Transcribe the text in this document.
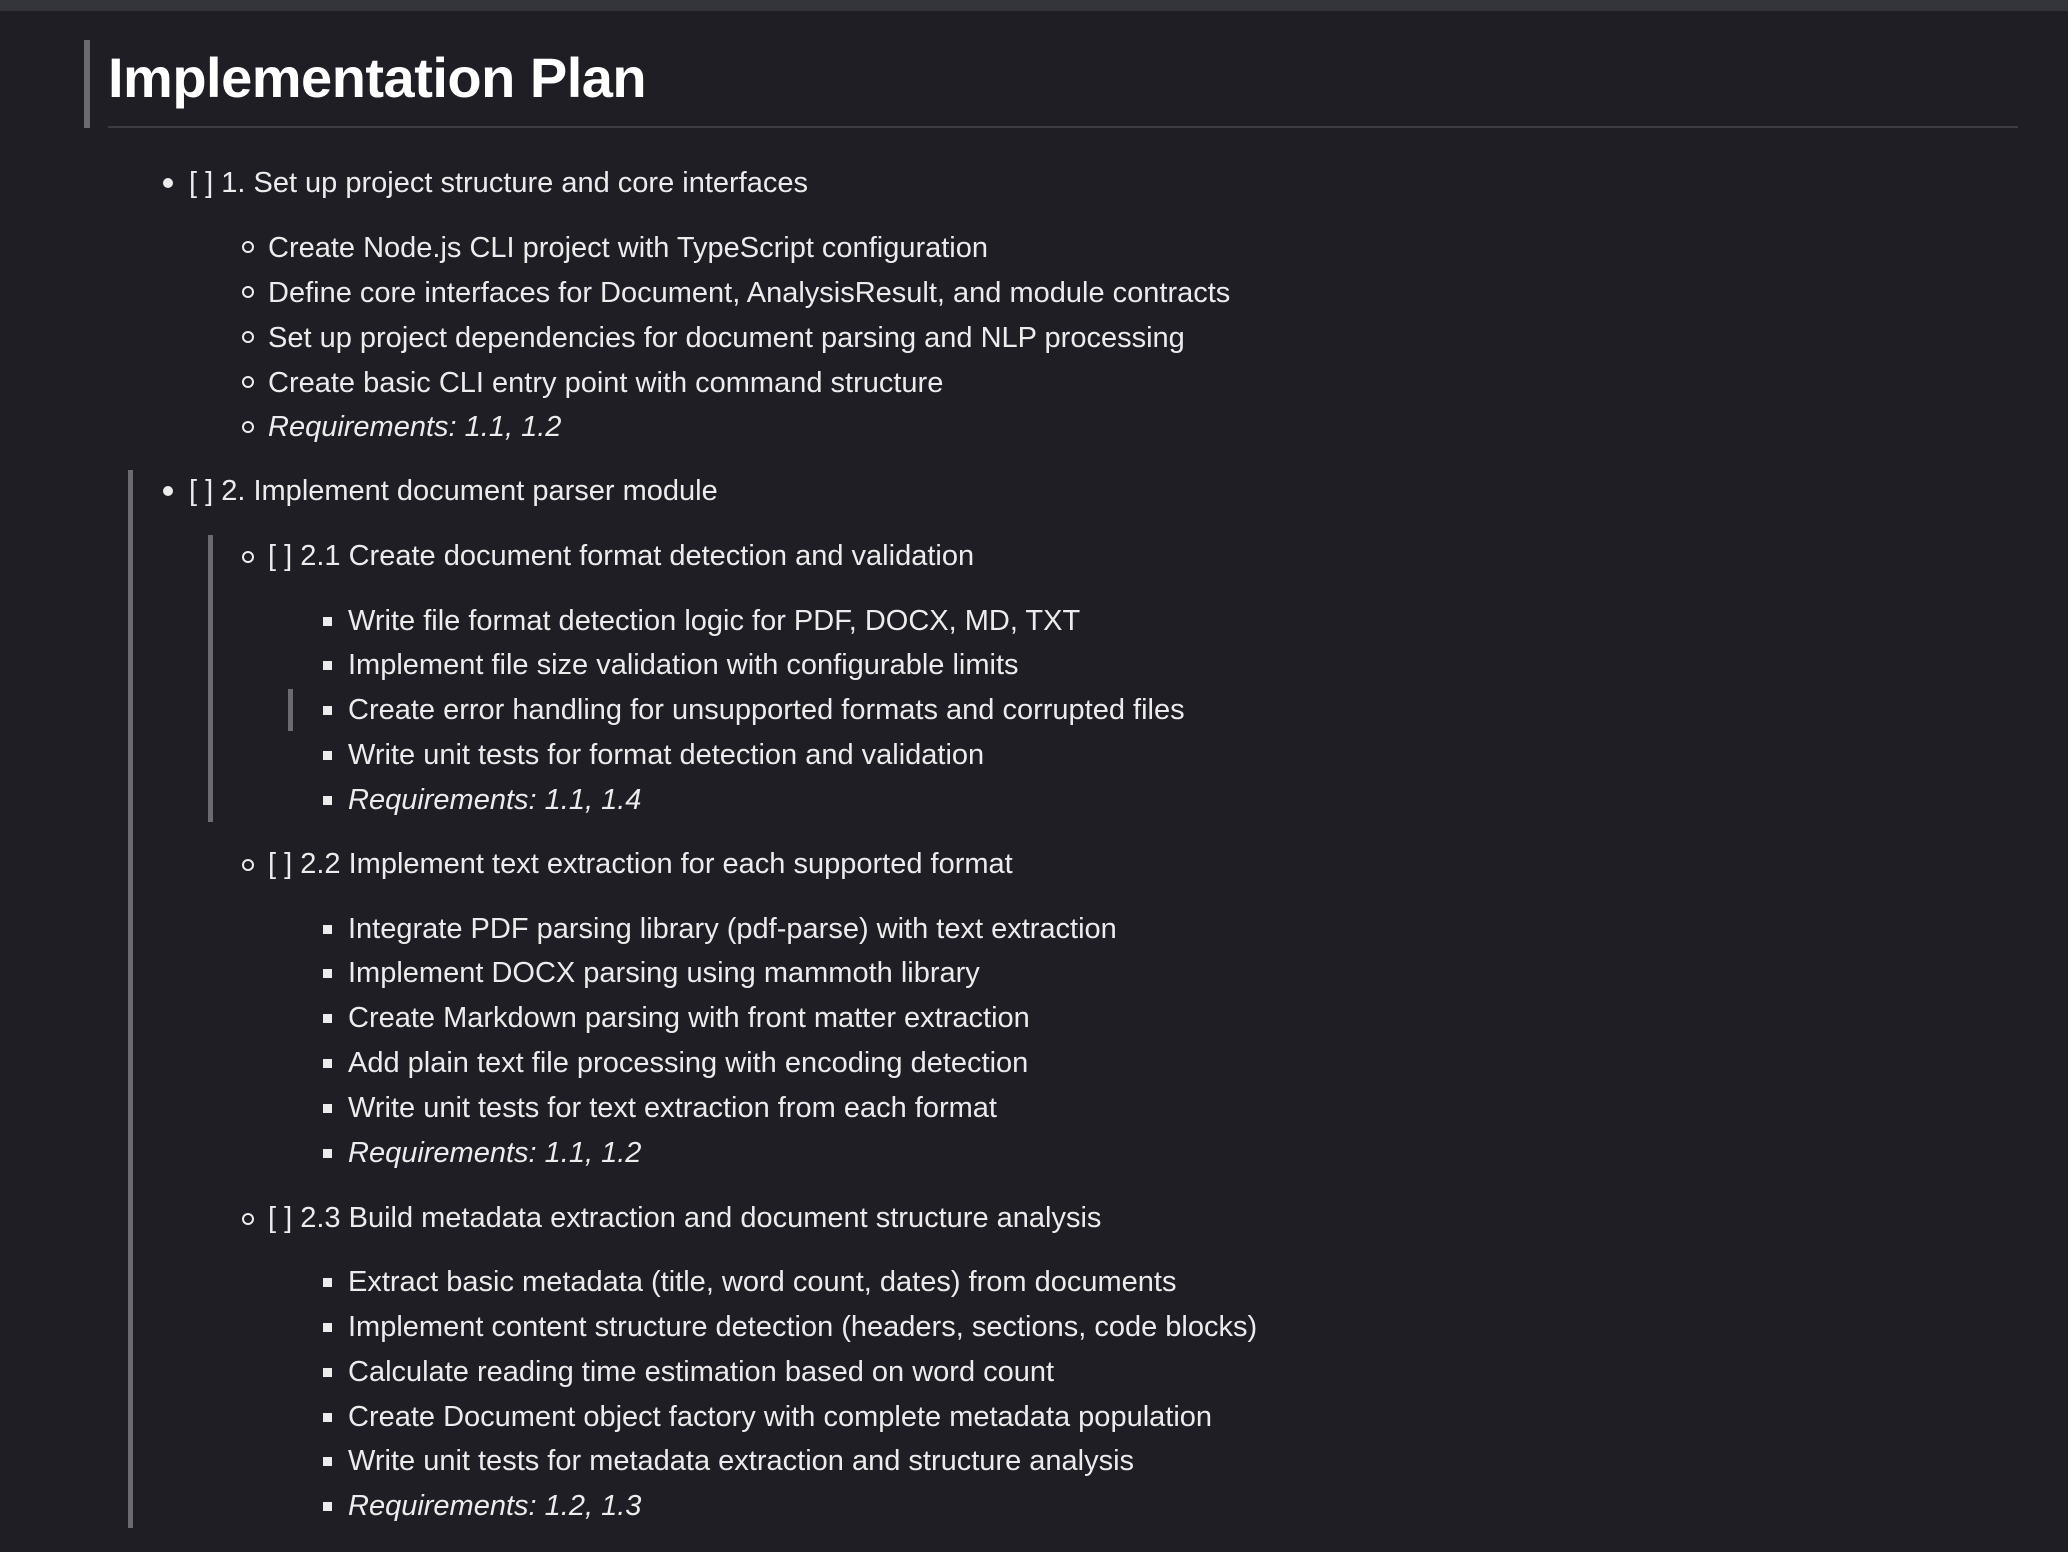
Implementation Plan
[ ] 1. Set up project structure and core interfaces
Create Node.js CLI project with TypeScript configuration
Define core interfaces for Document, AnalysisResult, and module contracts
Set up project dependencies for document parsing and NLP processing
Create basic CLI entry point with command structure
Requirements: 1.1, 1.2
[ ] 2. Implement document parser module
[ ] 2.1 Create document format detection and validation
Write file format detection logic for PDF, DOCX, MD, TXT
Implement file size validation with configurable limits
Create error handling for unsupported formats and corrupted files
Write unit tests for format detection and validation
Requirements: 1.1, 1.4
[ ] 2.2 Implement text extraction for each supported format
Integrate PDF parsing library (pdf-parse) with text extraction
Implement DOCX parsing using mammoth library
Create Markdown parsing with front matter extraction
Add plain text file processing with encoding detection
Write unit tests for text extraction from each format
Requirements: 1.1, 1.2
[ ] 2.3 Build metadata extraction and document structure analysis
Extract basic metadata (title, word count, dates) from documents
Implement content structure detection (headers, sections, code blocks)
Calculate reading time estimation based on word count
Create Document object factory with complete metadata population
Write unit tests for metadata extraction and structure analysis
Requirements: 1.2, 1.3
